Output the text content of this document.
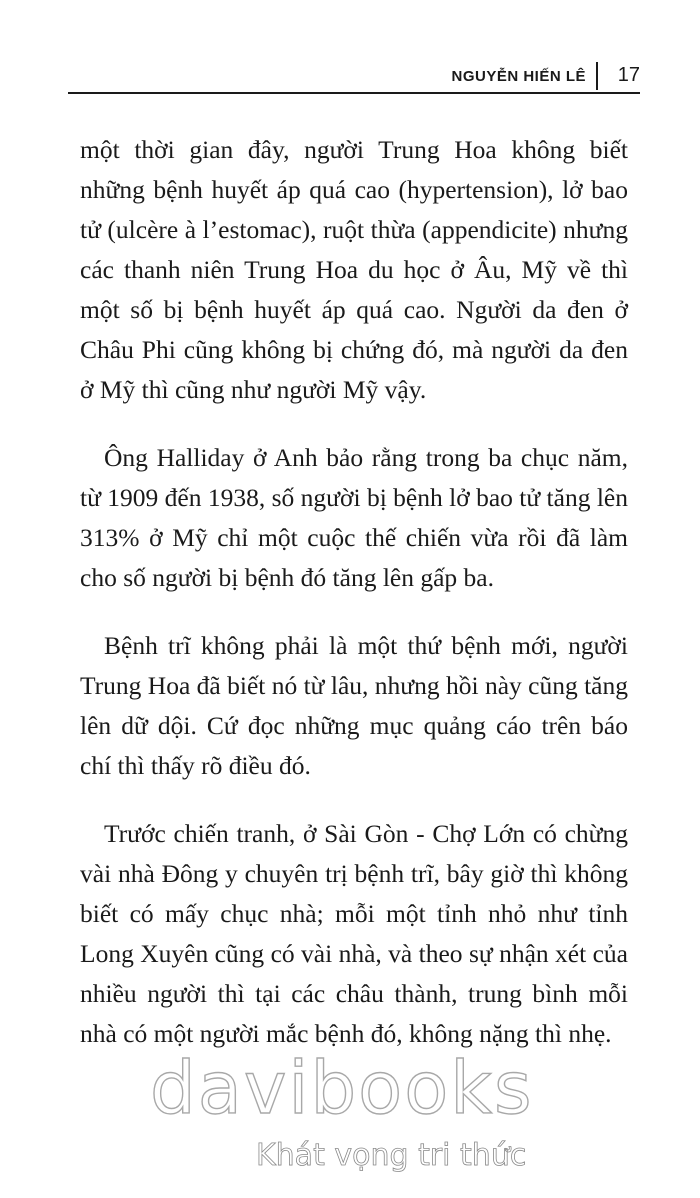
NGUYỄN HIẾN LÊ 17

một thời gian đây, người Trung Hoa không biết những bệnh huyết áp quá cao (hypertension), lở bao tử (ulcère à l’estomac), ruột thừa (appendicite) nhưng các thanh niên Trung Hoa du học ở Âu, Mỹ về thì một số bị bệnh huyết áp quá cao. Người da đen ở Châu Phi cũng không bị chứng đó, mà người da đen ở Mỹ thì cũng như người Mỹ vậy.

Ông Halliday ở Anh bảo rằng trong ba chục năm, từ 1909 đến 1938, số người bị bệnh lở bao tử tăng lên 313% ở Mỹ chỉ một cuộc thế chiến vừa rồi đã làm cho số người bị bệnh đó tăng lên gấp ba.

Bệnh trĩ không phải là một thứ bệnh mới, người Trung Hoa đã biết nó từ lâu, nhưng hồi này cũng tăng lên dữ dội. Cứ đọc những mục quảng cáo trên báo chí thì thấy rõ điều đó.

Trước chiến tranh, ở Sài Gòn - Chợ Lớn có chừng vài nhà Đông y chuyên trị bệnh trĩ, bây giờ thì không biết có mấy chục nhà; mỗi một tỉnh nhỏ như tỉnh Long Xuyên cũng có vài nhà, và theo sự nhận xét của nhiều người thì tại các châu thành, trung bình mỗi nhà có một người mắc bệnh đó, không nặng thì nhẹ.

davibooks
Khát vọng tri thức
